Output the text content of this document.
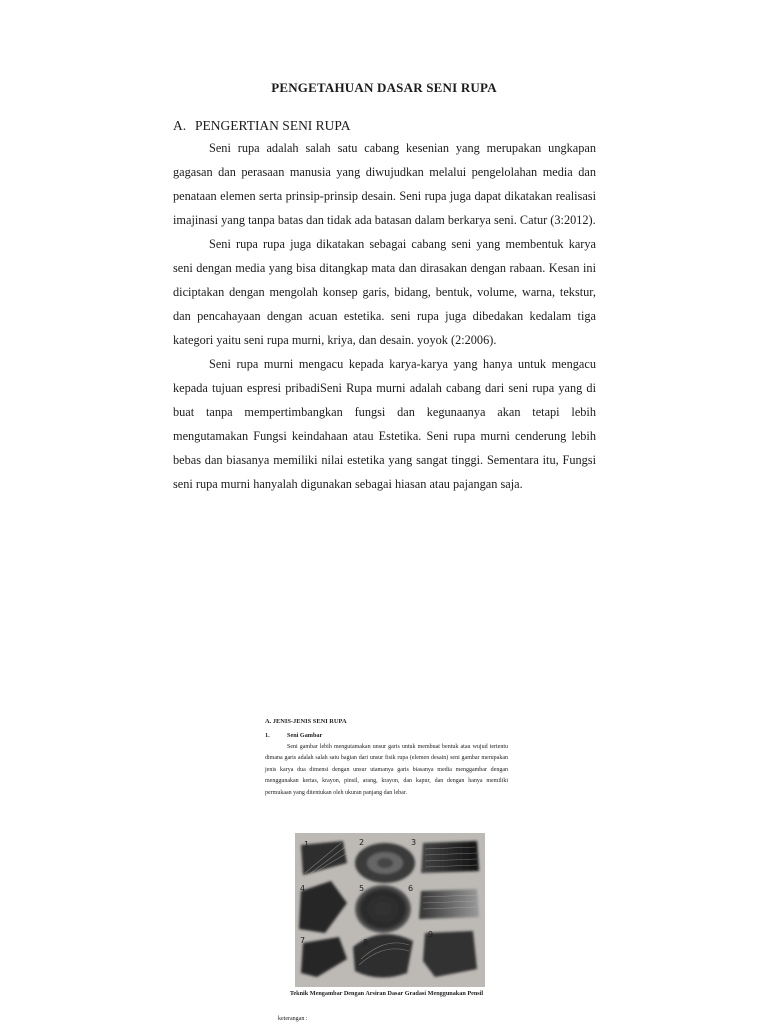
PENGETAHUAN DASAR SENI RUPA
A. PENGERTIAN SENI RUPA

Seni rupa adalah salah satu cabang kesenian yang merupakan ungkapan gagasan dan perasaan manusia yang diwujudkan melalui pengelolahan media dan penataan elemen serta prinsip-prinsip desain. Seni rupa juga dapat dikatakan realisasi imajinasi yang tanpa batas dan tidak ada batasan dalam berkarya seni. Catur (3:2012).

Seni rupa rupa juga dikatakan sebagai cabang seni yang membentuk karya seni dengan media yang bisa ditangkap mata dan dirasakan dengan rabaan. Kesan ini diciptakan dengan mengolah konsep garis, bidang, bentuk, volume, warna, tekstur, dan pencahayaan dengan acuan estetika. seni rupa juga dibedakan kedalam tiga kategori yaitu seni rupa murni, kriya, dan desain. yoyok (2:2006).

Seni rupa murni mengacu kepada karya-karya yang hanya untuk mengacu kepada tujuan espresi pribadiSeni Rupa murni adalah cabang dari seni rupa yang di buat tanpa mempertimbangkan fungsi dan kegunaanya akan tetapi lebih mengutamakan Fungsi keindahaan atau Estetika. Seni rupa murni cenderung lebih bebas dan biasanya memiliki nilai estetika yang sangat tinggi. Sementara itu, Fungsi seni rupa murni hanyalah digunakan sebagai hiasan atau pajangan saja.

A. JENIS-JENIS SENI RUPA
1.	Seni Gambar
Seni gambar lebih mengutamakan unsur garis untuk membuat bentuk atau wujud tertentu dimana garis adalah salah satu bagian dari unsur fisik rupa (elemen desain) seni gambar merupakan jenis karya dua dimensi dengan unsur utamanya garis biasanya media menggambar dengan menggunakan kertas, krayon, pinsil, arang, krayon, dan kapur, dan dengan hanya memiliki permukaan yang ditentukan oleh ukuran panjang dan lebar.
1	2	3
4	5	6
7	8
9
Teknik Mengambar Dengan Arsiran Dasar Gradasi Menggunakan Pensil
keterangan :
